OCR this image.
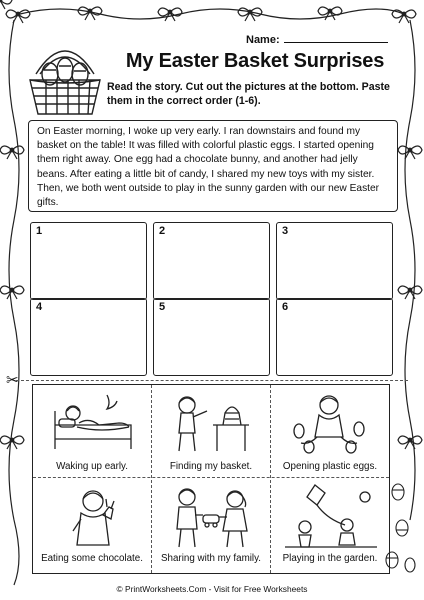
Name:
My Easter Basket Surprises
Read the story. Cut out the pictures at the bottom. Paste them in the correct order (1-6).
On Easter morning, I woke up very early. I ran downstairs and found my basket on the table! It was filled with colorful plastic eggs. I started opening them right away. One egg had a chocolate bunny, and another had jelly beans. After eating a little bit of candy, I shared my new toys with my sister. Then, we both went outside to play in the sunny garden with our new Easter gifts.
1	2	3
4	5	6
✂
Waking up early.	Finding my basket.	Opening plastic eggs.
Eating some chocolate.	Sharing with my family.	Playing in the garden.
© PrintWorksheets.Com - Visit for Free Worksheets
